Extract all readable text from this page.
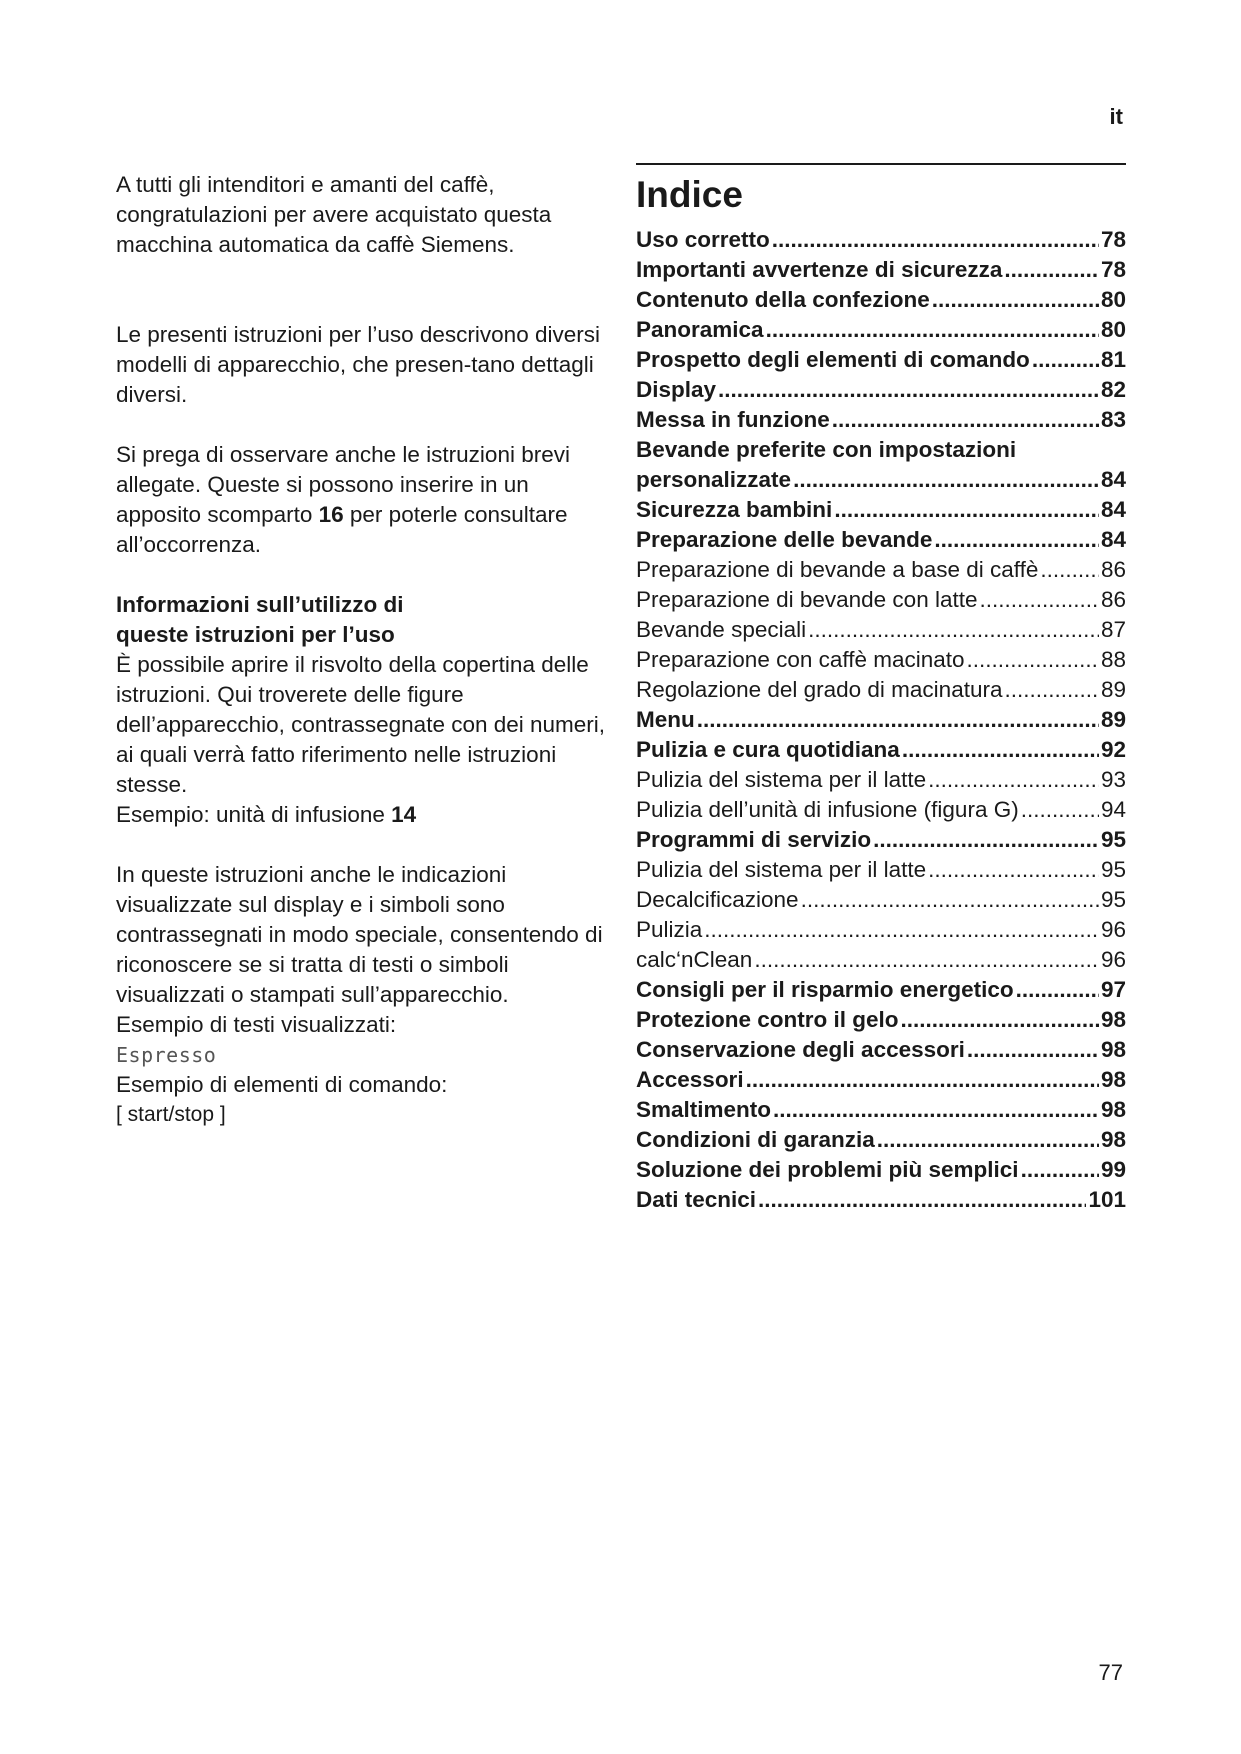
it

A tutti gli intenditori e amanti del caffè, congratulazioni per avere acquistato questa macchina automatica da caffè Siemens.

Le presenti istruzioni per l’uso descrivono diversi modelli di apparecchio, che presen-tano dettagli diversi.

Si prega di osservare anche le istruzioni brevi allegate. Queste si possono inserire in un apposito scomparto 16 per poterle consultare all’occorrenza.

Informazioni sull’utilizzo di

queste istruzioni per l’uso

È possibile aprire il risvolto della copertina delle istruzioni. Qui troverete delle figure dell’apparecchio, contrassegnate con dei numeri, ai quali verrà fatto riferimento nelle istruzioni stesse.

Esempio: unità di infusione 14

In queste istruzioni anche le indicazioni visualizzate sul display e i simboli sono contrassegnati in modo speciale, consentendo di riconoscere se si tratta di testi o simboli visualizzati o stampati sull’apparecchio.

Esempio di testi visualizzati:

Espresso

Esempio di elementi di comando:

[ start/stop ]

Indice
Uso corretto .....	78
Importanti avvertenze di sicurezza .....	78
Contenuto della confezione .....	80
Panoramica .....	80
Prospetto degli elementi di comando .....	81
Display .....	82
Messa in funzione .....	83
Bevande preferite con impostazioni
personalizzate .....	84
Sicurezza bambini .....	84
Preparazione delle bevande .....	84
Preparazione di bevande a base di caffè .....	86
Preparazione di bevande con latte .....	86
Bevande speciali .....	87
Preparazione con caffè macinato .....	88
Regolazione del grado di macinatura .....	89
Menu .....	89
Pulizia e cura quotidiana .....	92
Pulizia del sistema per il latte .....	93
Pulizia dell’unità di infusione (figura G) .....	94
Programmi di servizio .....	95
Pulizia del sistema per il latte .....	95
Decalcificazione .....	95
Pulizia .....	96
calc‘nClean .....	96
Consigli per il risparmio energetico .....	97
Protezione contro il gelo .....	98
Conservazione degli accessori .....	98
Accessori .....	98
Smaltimento .....	98
Condizioni di garanzia .....	98
Soluzione dei problemi più semplici .....	99
Dati tecnici .....	101
77
